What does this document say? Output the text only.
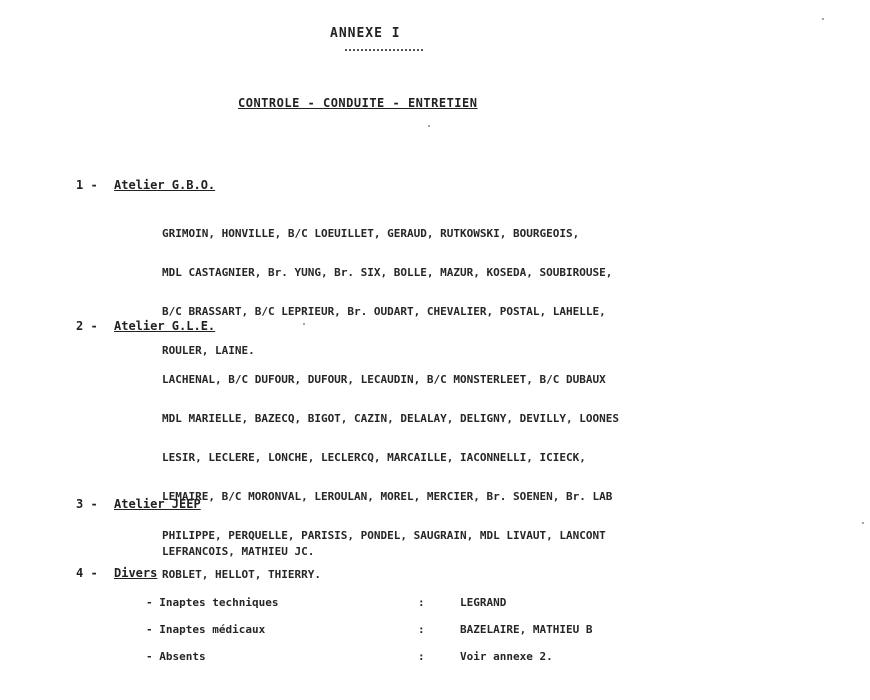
ANNEXE I
CONTROLE - CONDUITE - ENTRETIEN
1 - Atelier G.B.O.

GRIMOIN, HONVILLE, B/C LOEUILLET, GERAUD, RUTKOWSKI, BOURGEOIS,

MDL CASTAGNIER, Br. YUNG, Br. SIX, BOLLE, MAZUR, KOSEDA, SOUBIROUSE,

B/C BRASSART, B/C LEPRIEUR, Br. OUDART, CHEVALIER, POSTAL, LAHELLE,

ROULER, LAINE.

2 - Atelier G.L.E.

LACHENAL, B/C DUFOUR, DUFOUR, LECAUDIN, B/C MONSTERLEET, B/C DUBAUX

MDL MARIELLE, BAZECQ, BIGOT, CAZIN, DELALAY, DELIGNY, DEVILLY, LOONES

LESIR, LECLERE, LONCHE, LECLERCQ, MARCAILLE, IACONNELLI, ICIECK,

LEMAIRE, B/C MORONVAL, LEROULAN, MOREL, MERCIER, Br. SOENEN, Br. LAB

PHILIPPE, PERQUELLE, PARISIS, PONDEL, SAUGRAIN, MDL LIVAUT, LANCONT

ROBLET, HELLOT, THIERRY.

3 - Atelier JEEP

LEFRANCOIS, MATHIEU JC.

4 - Divers
- Inaptes techniques	:	LEGRAND
- Inaptes médicaux	:	BAZELAIRE, MATHIEU B
- Absents	:	Voir annexe 2.
